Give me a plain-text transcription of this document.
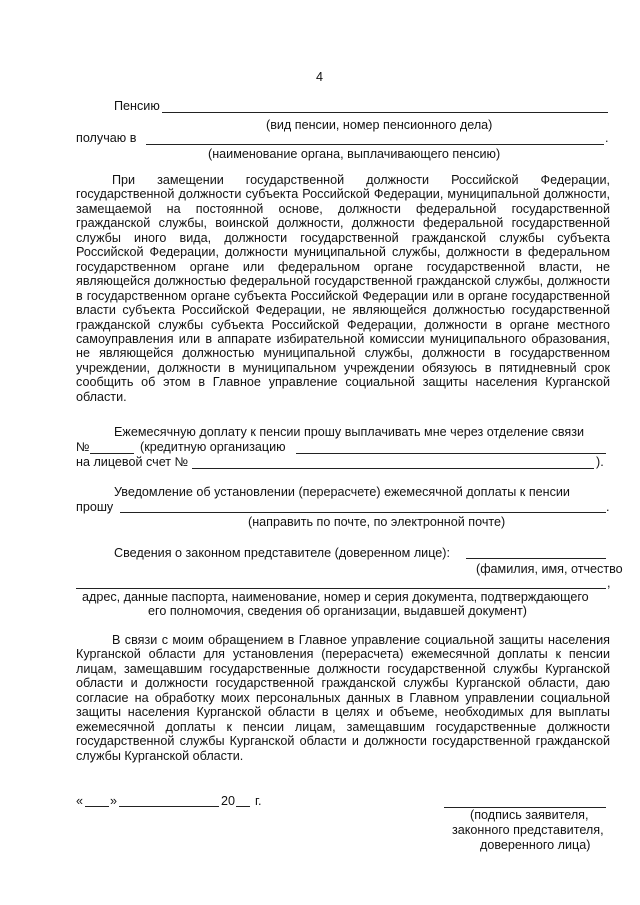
4
Пенсию
(вид пенсии, номер пенсионного дела)
получаю в	.
(наименование органа, выплачивающего пенсию)
При замещении государственной должности Российской Федерации, государственной должности субъекта Российской Федерации, муниципальной должности, замещаемой на постоянной основе, должности федеральной государственной гражданской службы, воинской должности, должности федеральной государственной службы иного вида, должности государственной гражданской службы субъекта Российской Федерации, должности муниципальной службы, должности в федеральном государственном органе или федеральном органе государственной власти, не являющейся должностью федеральной государственной гражданской службы, должности в государственном органе субъекта Российской Федерации или в органе государственной власти субъекта Российской Федерации, не являющейся должностью государственной гражданской службы субъекта Российской Федерации, должности в органе местного самоуправления или в аппарате избирательной комиссии муниципального образования, не являющейся должностью муниципальной службы, должности в государственном учреждении, должности в муниципальном учреждении обязуюсь в пятидневный срок сообщить об этом в Главное управление социальной защиты населения Курганской области.
Ежемесячную доплату к пенсии прошу выплачивать мне через отделение связи
№	(кредитную организацию
на лицевой счет №	).
Уведомление об установлении (перерасчете) ежемесячной доплаты к пенсии
прошу	.
(направить по почте, по электронной почте)
Сведения о законном представителе (доверенном лице):
(фамилия, имя, отчество
,
адрес, данные паспорта, наименование, номер и серия документа, подтверждающего
его полномочия, сведения об организации, выдавшей документ)
В связи с моим обращением в Главное управление социальной защиты населения Курганской области для установления (перерасчета) ежемесячной доплаты к пенсии лицам, замещавшим государственные должности государственной службы Курганской области и должности государственной гражданской службы Курганской области, даю согласие на обработку моих персональных данных в Главном управлении социальной защиты населения Курганской области в целях и объеме, необходимых для выплаты ежемесячной доплаты к пенсии лицам, замещавшим государственные должности государственной службы Курганской области и должности государственной гражданской службы Курганской области.
« »	20 г.
(подпись заявителя,
законного представителя,
доверенного лица)
